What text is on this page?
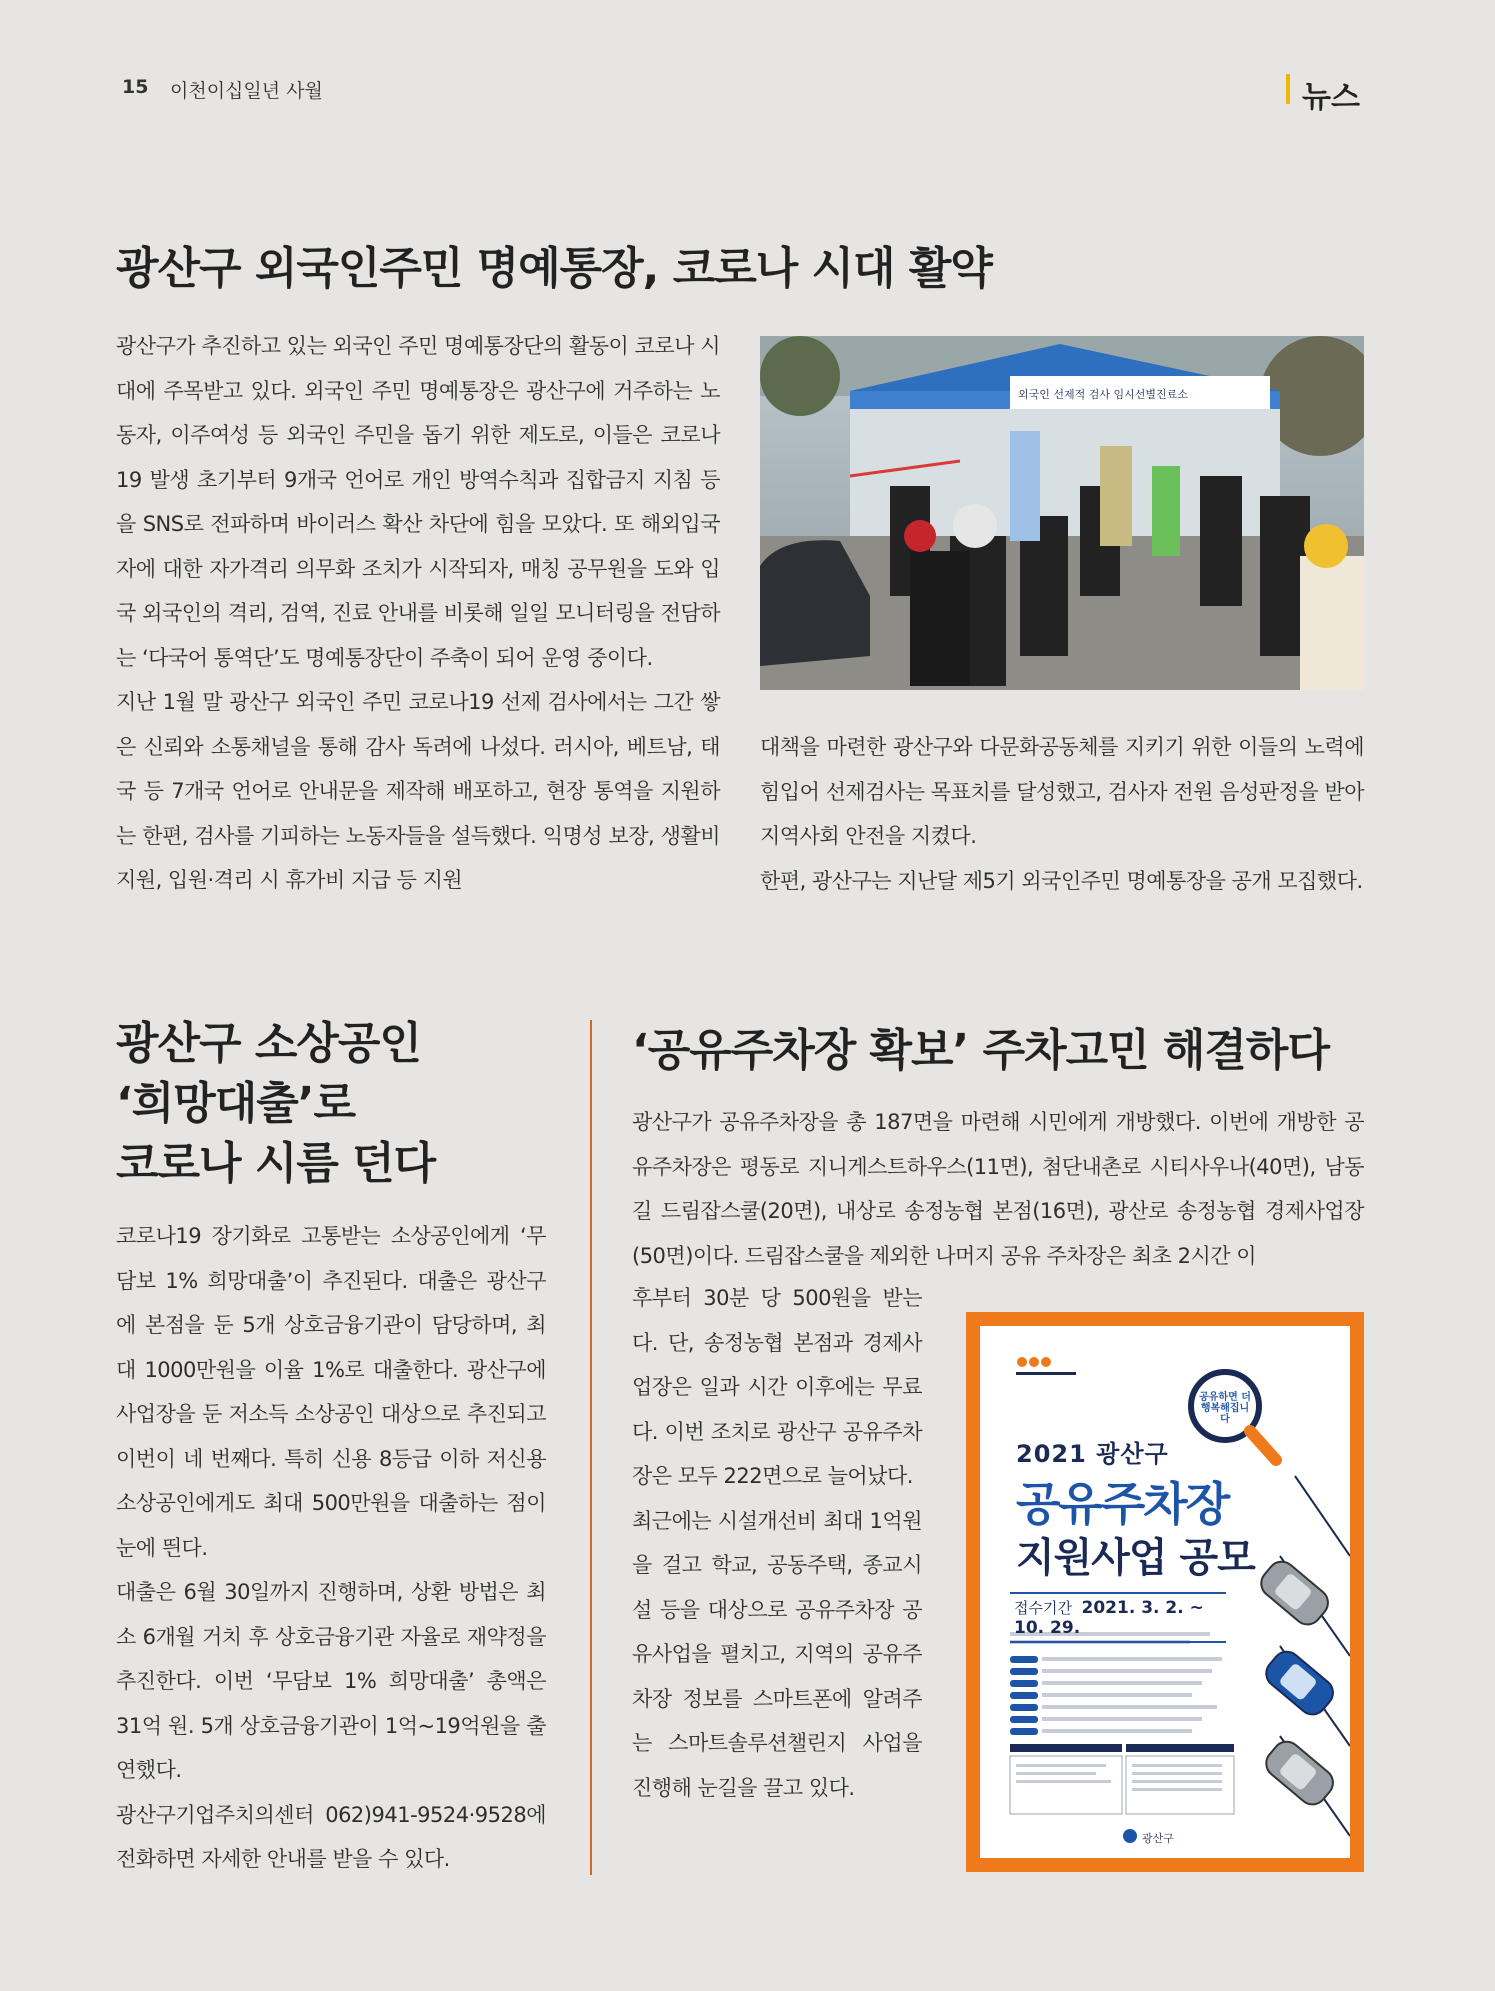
15 이천이십일년 사월	뉴스
광산구 외국인주민 명예통장, 코로나 시대 활약

광산구가 추진하고 있는 외국인 주민 명예통장단의 활동이 코로나 시대에 주목받고 있다. 외국인 주민 명예통장은 광산구에 거주하는 노동자, 이주여성 등 외국인 주민을 돕기 위한 제도로, 이들은 코로나19 발생 초기부터 9개국 언어로 개인 방역수칙과 집합금지 지침 등을 SNS로 전파하며 바이러스 확산 차단에 힘을 모았다. 또 해외입국자에 대한 자가격리 의무화 조치가 시작되자, 매칭 공무원을 도와 입국 외국인의 격리, 검역, 진료 안내를 비롯해 일일 모니터링을 전담하는 ‘다국어 통역단’도 명예통장단이 주축이 되어 운영 중이다.

지난 1월 말 광산구 외국인 주민 코로나19 선제 검사에서는 그간 쌓은 신뢰와 소통채널을 통해 감사 독려에 나섰다. 러시아, 베트남, 태국 등 7개국 언어로 안내문을 제작해 배포하고, 현장 통역을 지원하는 한편, 검사를 기피하는 노동자들을 설득했다. 익명성 보장, 생활비 지원, 입원·격리 시 휴가비 지급 등 지원

외국인 선제적 검사 임시선별진료소

대책을 마련한 광산구와 다문화공동체를 지키기 위한 이들의 노력에 힘입어 선제검사는 목표치를 달성했고, 검사자 전원 음성판정을 받아 지역사회 안전을 지켰다.

한편, 광산구는 지난달 제5기 외국인주민 명예통장을 공개 모집했다.

광산구 소상공인
‘희망대출’로
코로나 시름 던다

코로나19 장기화로 고통받는 소상공인에게 ‘무담보 1% 희망대출’이 추진된다. 대출은 광산구에 본점을 둔 5개 상호금융기관이 담당하며, 최대 1000만원을 이율 1%로 대출한다. 광산구에 사업장을 둔 저소득 소상공인 대상으로 추진되고 이번이 네 번째다. 특히 신용 8등급 이하 저신용 소상공인에게도 최대 500만원을 대출하는 점이 눈에 띈다.

대출은 6월 30일까지 진행하며, 상환 방법은 최소 6개월 거치 후 상호금융기관 자율로 재약정을 추진한다. 이번 ‘무담보 1% 희망대출’ 총액은 31억 원. 5개 상호금융기관이 1억~19억원을 출연했다.

광산구기업주치의센터 062)941-9524·9528에 전화하면 자세한 안내를 받을 수 있다.

‘공유주차장 확보’ 주차고민 해결하다

광산구가 공유주차장을 총 187면을 마련해 시민에게 개방했다. 이번에 개방한 공유주차장은 평동로 지니게스트하우스(11면), 첨단내촌로 시티사우나(40면), 남동길 드림잡스쿨(20면), 내상로 송정농협 본점(16면), 광산로 송정농협 경제사업장(50면)이다. 드림잡스쿨을 제외한 나머지 공유 주차장은 최초 2시간 이

후부터 30분 당 500원을 받는다. 단, 송정농협 본점과 경제사업장은 일과 시간 이후에는 무료다. 이번 조치로 광산구 공유주차장은 모두 222면으로 늘어났다.

최근에는 시설개선비 최대 1억원을 걸고 학교, 공동주택, 종교시설 등을 대상으로 공유주차장 공유사업을 펼치고, 지역의 공유주차장 정보를 스마트폰에 알려주는 스마트솔루션챌린지 사업을 진행해 눈길을 끌고 있다.

공유하면 더 행복해집니다
2021 광산구
공유주차장
지원사업 공모
접수기간 2021. 3. 2. ~ 10. 29.
광산구
